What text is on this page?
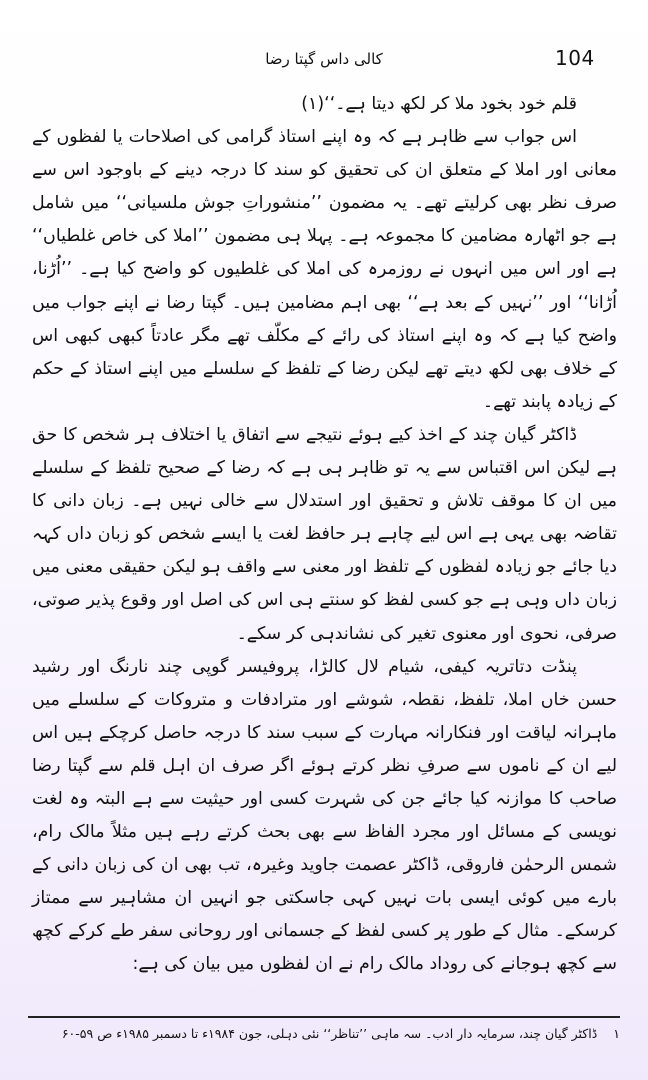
104
کالی داس گپتا رضا

قلم خود بخود ملا کر لکھ دیتا ہے۔‘‘(۱)

اس جواب سے ظاہر ہے کہ وہ اپنے استاذ گرامی کی اصلاحات یا لفظوں کے معانی اور املا کے متعلق ان کی تحقیق کو سند کا درجہ دینے کے باوجود اس سے صرف نظر بھی کرلیتے تھے۔ یہ مضمون ’’منشوراتِ جوش ملسیانی‘‘ میں شامل ہے جو اٹھارہ مضامین کا مجموعہ ہے۔ پہلا ہی مضمون ’’املا کی خاص غلطیاں‘‘ ہے اور اس میں انہوں نے روزمرہ کی املا کی غلطیوں کو واضح کیا ہے۔ ’’اُڑنا، اُڑانا‘‘ اور ’’نہیں کے بعد ہے‘‘ بھی اہم مضامین ہیں۔ گپتا رضا نے اپنے جواب میں واضح کیا ہے کہ وہ اپنے استاذ کی رائے کے مکلّف تھے مگر عادتاً کبھی کبھی اس کے خلاف بھی لکھ دیتے تھے لیکن رضا کے تلفظ کے سلسلے میں اپنے استاذ کے حکم کے زیادہ پابند تھے۔

ڈاکٹر گیان چند کے اخذ کیے ہوئے نتیجے سے اتفاق یا اختلاف ہر شخص کا حق ہے لیکن اس اقتباس سے یہ تو ظاہر ہی ہے کہ رضا کے صحیح تلفظ کے سلسلے میں ان کا موقف تلاش و تحقیق اور استدلال سے خالی نہیں ہے۔ زبان دانی کا تقاضہ بھی یہی ہے اس لیے چاہے ہر حافظ لغت یا ایسے شخص کو زبان داں کہہ دیا جائے جو زیادہ لفظوں کے تلفظ اور معنی سے واقف ہو لیکن حقیقی معنی میں زبان داں وہی ہے جو کسی لفظ کو سنتے ہی اس کی اصل اور وقوع پذیر صوتی، صرفی، نحوی اور معنوی تغیر کی نشاندہی کر سکے۔

پنڈت دتاتریہ کیفی، شیام لال کالڑا، پروفیسر گوپی چند نارنگ اور رشید حسن خاں املا، تلفظ، نقطہ، شوشے اور مترادفات و متروکات کے سلسلے میں ماہرانہ لیاقت اور فنکارانہ مہارت کے سبب سند کا درجہ حاصل کرچکے ہیں اس لیے ان کے ناموں سے صرفِ نظر کرتے ہوئے اگر صرف ان اہل قلم سے گپتا رضا صاحب کا موازنہ کیا جائے جن کی شہرت کسی اور حیثیت سے ہے البتہ وہ لغت نویسی کے مسائل اور مجرد الفاظ سے بھی بحث کرتے رہے ہیں مثلاً مالک رام، شمس الرحمٰن فاروقی، ڈاکٹر عصمت جاوید وغیرہ، تب بھی ان کی زبان دانی کے بارے میں کوئی ایسی بات نہیں کہی جاسکتی جو انہیں ان مشاہیر سے ممتاز کرسکے۔ مثال کے طور پر کسی لفظ کے جسمانی اور روحانی سفر طے کرکے کچھ سے کچھ ہوجانے کی روداد مالک رام نے ان لفظوں میں بیان کی ہے:

۱ ڈاکٹر گیان چند، سرمایہ دار ادب۔ سہ ماہی ’’تناظر‘‘ نئی دہلی، جون ۱۹۸۴ء تا دسمبر ۱۹۸۵ء ص ۵۹-۶۰
